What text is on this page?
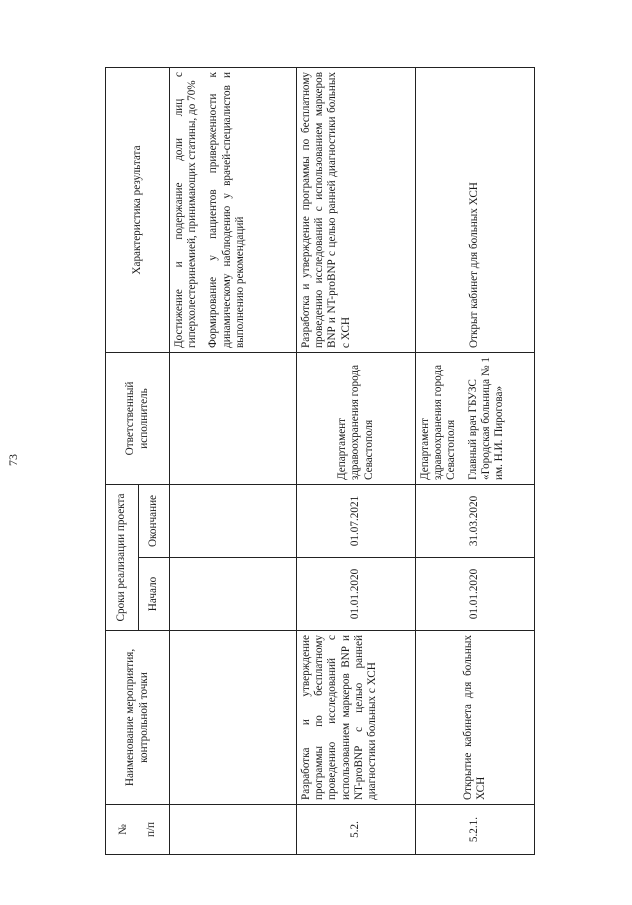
73
№ п/п	Наименование мероприятия, контрольной точки	Сроки реализации проекта		Ответственный исполнитель	Характеристика результата
		Начало	Окончание		

					Достижение и подержание доли лиц с гиперхолестеринемией, принимающих статины, до 70% Формирование у пациентов приверженности к динамическому наблюдению у врачей-специалистов и выполнению рекомендаций

5.2.	Разработка и утверждение программы по бесплатному проведению исследований с использованием маркеров BNP и NT-proBNP с целью ранней диагностики больных с ХСН	01.01.2020	01.07.2021	Департамент здравоохранения города Севастополя	Разработка и утверждение программы по бесплатному проведению исследований с использованием маркеров BNP и NT-proBNP с целью ранней диагностики больных с ХСН
5.2.1.	Открытие кабинета для больных ХСН	01.01.2020	31.03.2020	Департамент здравоохранения города Севастополя Главный врач ГБУЗС «Городская больница № 1 им. Н.И. Пирогова»	Открыт кабинет для больных ХСН
